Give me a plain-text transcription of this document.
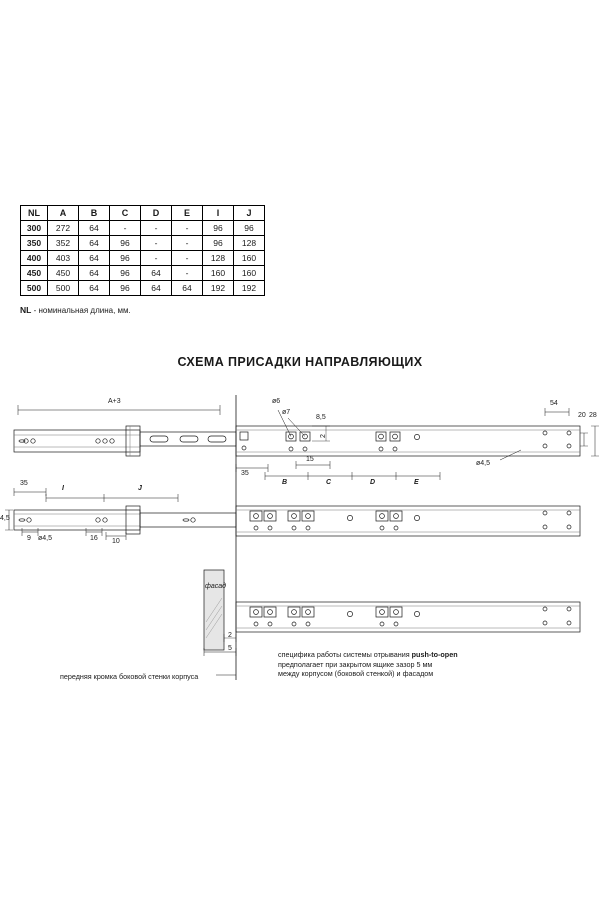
NL	A	B	C	D	E	I	J
300	272	64	-	-	-	96	96
350	352	64	96	-	-	96	128
400	403	64	96	-	-	128	160
450	450	64	96	64	-	160	160
500	500	64	96	64	64	192	192
NL - номинальная длина, мм.
СХЕМА ПРИСАДКИ НАПРАВЛЯЮЩИХ
A+3	ø6
ø7
8,5
2
35
15
B	C	D	E
54
20 28
ø4,5
35
I	J
4,5
9 ø4,5	16 10
2
5
фасад
специфика работы системы отрывания push-to-open
предполагает при закрытом ящике зазор 5 мм
между корпусом (боковой стенкой) и фасадом
передняя кромка боковой стенки корпуса
